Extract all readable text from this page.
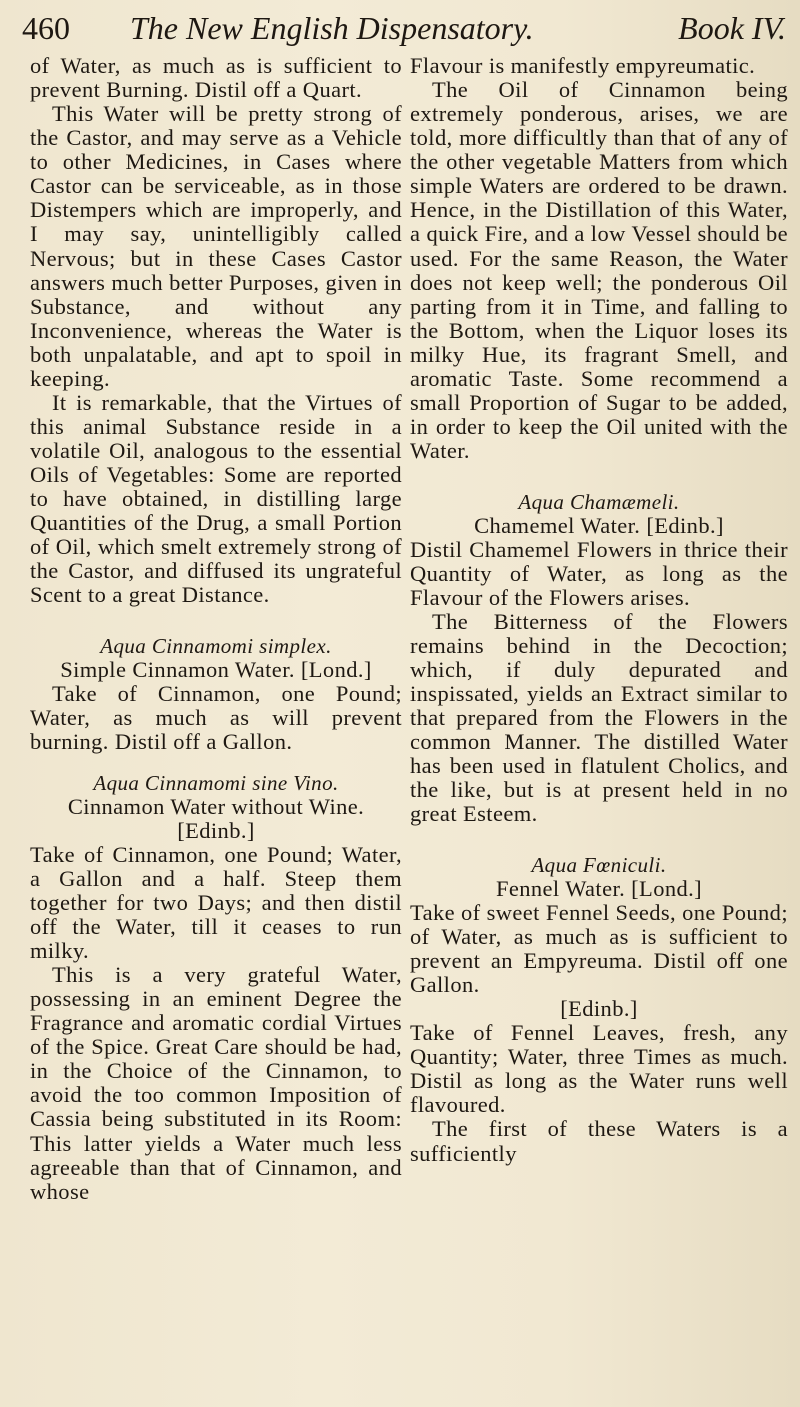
460 The New English Dispensatory.	Book IV.

of Water, as much as is sufficient to prevent Burning. Distil off a Quart.

This Water will be pretty strong of the Castor, and may serve as a Vehicle to other Medicines, in Cases where Castor can be serviceable, as in those Distempers which are improperly, and I may say, unintelligibly called Nervous; but in these Cases Castor answers much better Purposes, given in Substance, and without any Inconvenience, whereas the Water is both unpalatable, and apt to spoil in keeping.

It is remarkable, that the Virtues of this animal Substance reside in a volatile Oil, analogous to the essential Oils of Vegetables: Some are reported to have obtained, in distilling large Quantities of the Drug, a small Portion of Oil, which smelt extremely strong of the Castor, and diffused its ungrateful Scent to a great Distance.

Aqua Cinnamomi simplex.

Simple Cinnamon Water. [Lond.]

Take of Cinnamon, one Pound; Water, as much as will prevent burning. Distil off a Gallon.

Aqua Cinnamomi sine Vino.

Cinnamon Water without Wine.

[Edinb.]

Take of Cinnamon, one Pound; Water, a Gallon and a half. Steep them together for two Days; and then distil off the Water, till it ceases to run milky.

This is a very grateful Water, possessing in an eminent Degree the Fragrance and aromatic cordial Virtues of the Spice. Great Care should be had, in the Choice of the Cinnamon, to avoid the too common Imposition of Cassia being substituted in its Room: This latter yields a Water much less agreeable than that of Cinnamon, and whose

Flavour is manifestly empyreumatic.

The Oil of Cinnamon being extremely ponderous, arises, we are told, more difficultly than that of any of the other vegetable Matters from which simple Waters are ordered to be drawn. Hence, in the Distillation of this Water, a quick Fire, and a low Vessel should be used. For the same Reason, the Water does not keep well; the ponderous Oil parting from it in Time, and falling to the Bottom, when the Liquor loses its milky Hue, its fragrant Smell, and aromatic Taste. Some recommend a small Proportion of Sugar to be added, in order to keep the Oil united with the Water.

Aqua Chamæmeli.

Chamemel Water. [Edinb.]

Distil Chamemel Flowers in thrice their Quantity of Water, as long as the Flavour of the Flowers arises.

The Bitterness of the Flowers remains behind in the Decoction; which, if duly depurated and inspissated, yields an Extract similar to that prepared from the Flowers in the common Manner. The distilled Water has been used in flatulent Cholics, and the like, but is at present held in no great Esteem.

Aqua Fœniculi.

Fennel Water. [Lond.]

Take of sweet Fennel Seeds, one Pound; of Water, as much as is sufficient to prevent an Empyreuma. Distil off one Gallon.

[Edinb.]

Take of Fennel Leaves, fresh, any Quantity; Water, three Times as much. Distil as long as the Water runs well flavoured.

The first of these Waters is a sufficiently
